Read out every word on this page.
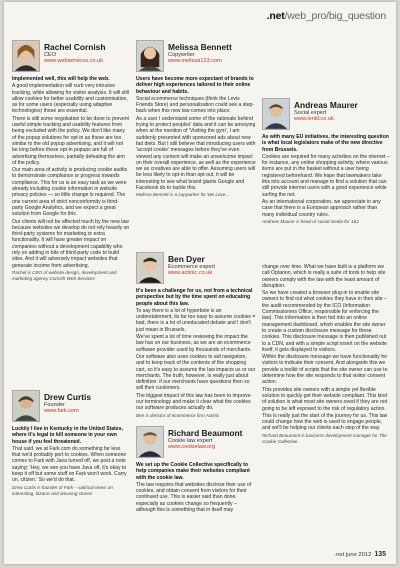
.net/web_pro/big_question
Rachel Cornish
CEO
www.webservices.co.uk

Implemented well, this will help the web.

A good implementation will curb very intrusive tracking, while allowing for visitor analysis. It will still allow cookies for better usability and customisation, as for some users (especially using adaptive technologies) these are essential.

There is still some negotiation to be done to prevent useful simple tracking and usability features from being excluded with the policy. We don't like many of the popup solutions for opt-in as these are too similar to the old popup advertising, and it will not be long before these opt-in popups are full of advertising themselves, partially defeating the aim of the policy.

Our main area of activity is producing cookie audits to demonstrate compliance or progress towards compliance. This for us is an easy task as we were already including cookie information in website privacy policies — so little change is required. The one current area of strict nonconformity is third-party Google Analytics, and we expect a great solution from Google for this.

Our clients will not be affected much by the new law because websites we develop do not rely heavily on third-party systems for marketing or extra functionality. It will have greater impact on companies without a development capability who rely on adding in bits of third-party code to build sites. And it will adversely impact websites that generate income from advertising.

Rachel is CEO of website design, development and marketing agency Cornish Web Services

Melissa Bennett
Copywriter
www.melissa123.com

Users have become more expectant of brands to deliver high experiences tailored to their online behaviour and habits.

Social ecommerce techniques (think the Levis Friends Store) and personalisation could see a step-back when this new law comes into place.

As a user I understand some of the rationale behind trying to protect peoples' data and it can be annoying when at the mention of 'Visiting the gym', I am suddenly presented with sponsored ads about new fad diets. But I still believe that introducing users with 'accept cookie' messages before they've even viewed any content will make an unwelcome impact on their overall experience, as well as the experience we as creatives are able to offer. Assuming users will be less likely to opt-in than opt-out, it will be interesting to see what brand giants Google and Facebook do to tackle this.

Melissa Bennett is a copywriter for We Love…

Andreas Maurer
Social expert
www.lentil.co.uk

As with many EU initiatives, the interesting question is what local legislators make of the new directive from Brussels.

Cookies are required for many activities on the internet – for instance, any online shopping activity, where various items are put in the basket without a user being registered beforehand. We hope that lawmakers take this into account and manage to find a solution that can still provide internet users with a good experience while surfing the net.

As an international corporation, we appreciate in any case that there is a European approach rather than many individual country rules.

Andreas Maurer is head of social media for 1&1

Ben Dyer
Ecommerce expert
www.actinic.co.uk

It's been a challenge for us, not from a technical perspective but by the time spent on educating people about this law.

To say there is a lot of hyperbole is an understatement, its far too easy to assume cookies = bad, there is a lot of uneducated debate and I don't just mean in Brussels.

We've spent a lot of time reviewing the impact the law has on our business, as we are an ecommerce software provider used by thousands of merchants.

Our software also uses cookies to aid navigation, and to keep track of the contents of the shopping cart, so it's easy to assume the law impacts us or our merchants. The truth, however, is really just about definition: if our merchants have questions then so will their customers.

The biggest impact of this law has been to improve our terminology and make it clear what the cookies our software produces actually do.

Ben is director of ecommerce firm Actinic

Drew Curtis
Founder
www.fark.com

Luckily I live in Kentucky in the United States, where it's legal to kill someone in your own house if you feel threatened.

That said, we at Fark.com do something far less that we'd probably port to cookies. When someone comes to Fark with Java turned off, we post a note saying: 'Hey, we see you have Java off, it's okay to keep it off but some stuff on Fark won't work. Carry on, citizen.' So we'd do that.

Drew Curtis is founder of Fark – satirical views on interesting, bizarre and amusing stories

Richard Beaumont
Cookie law expert
www.cookielaw.org

We set up the Cookie Collective specifically to help companies make their websites compliant with the cookie law.

The law requires that websites disclose their use of cookies, and obtain consent from visitors for their continued use. This is easier said than done, especially as cookies change so frequently – although this is something that in itself may

change over time. What we have built is a platform we call Optanon, which is really a suite of tools to help site owners comply with the law with the least amount of disruption.

So we have created a browser plug-in to enable site owners to find out what cookies they have in their site – the audit recommended by the ICO (Information Commissioners Office, responsible for enforcing the law). This information is then fed into an online management dashboard, which enables the site owner to create a custom disclosure message for these cookies. This disclosure message is then published out to a CDN, and with a simple script insert on the website itself, it gets displayed to visitors.

Within the disclosure message we have functionality for visitors to indicate their consent. And alongside this we provide a toolkit of scripts that the site owner can use to determine how the site responds to that visitor consent action.

This provides site owners with a simple yet flexible solution to quickly get their website compliant. This kind of solution is what most site owners need if they are not going to be left exposed to the risk of regulatory action.

This is really just the start of the journey for us. This law could change how the web is used to engage people, and we'll be helping our clients each step of the way.

Richard Beaumont is business development manager for The Cookie Collective

.net june 2012 135
